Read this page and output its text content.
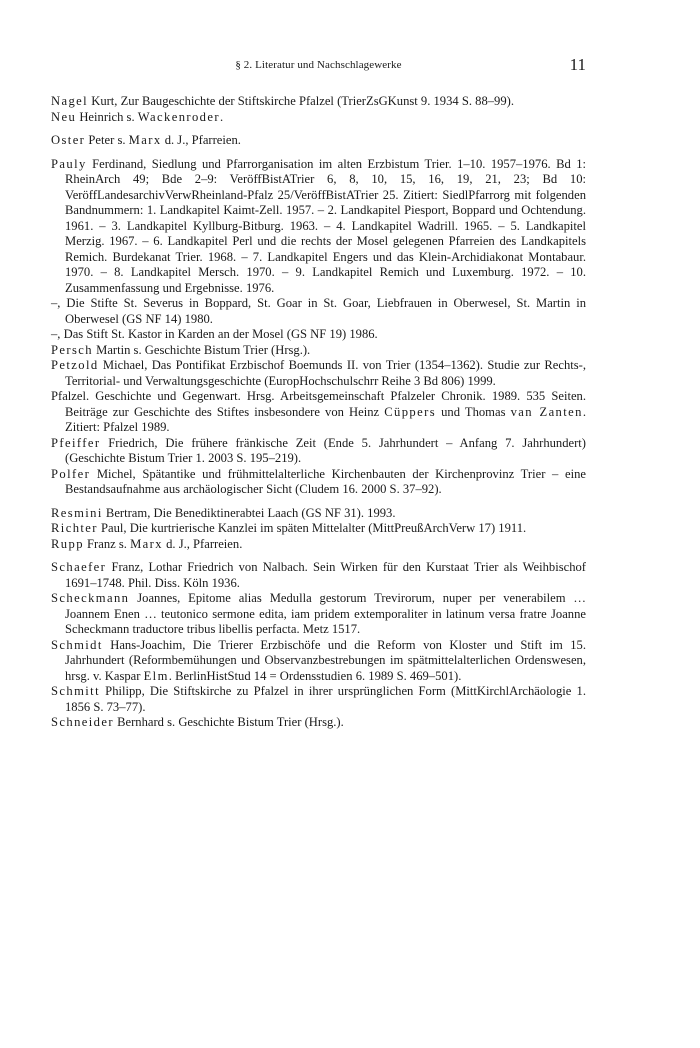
§ 2. Literatur und Nachschlagewerke	11

Nagel Kurt, Zur Baugeschichte der Stiftskirche Pfalzel (TrierZsGKunst 9. 1934 S. 88–99).

Neu Heinrich s. Wackenroder.

Oster Peter s. Marx d. J., Pfarreien.

Pauly Ferdinand, Siedlung und Pfarrorganisation im alten Erzbistum Trier. 1–10. 1957–1976. Bd 1: RheinArch 49; Bde 2–9: VeröffBistATrier 6, 8, 10, 15, 16, 19, 21, 23; Bd 10: VeröffLandesarchivVerwRheinland-Pfalz 25/VeröffBistATrier 25. Zitiert: SiedlPfarrorg mit folgenden Bandnummern: 1. Landkapitel Kaimt-Zell. 1957. – 2. Landkapitel Piesport, Boppard und Ochtendung. 1961. – 3. Landkapitel Kyllburg-Bitburg. 1963. – 4. Landkapitel Wadrill. 1965. – 5. Landkapitel Merzig. 1967. – 6. Landkapitel Perl und die rechts der Mosel gelegenen Pfarreien des Landkapitels Remich. Burdekanat Trier. 1968. – 7. Landkapitel Engers und das Klein-Archidiakonat Montabaur. 1970. – 8. Landkapitel Mersch. 1970. – 9. Landkapitel Remich und Luxemburg. 1972. – 10. Zusammenfassung und Ergebnisse. 1976.

–, Die Stifte St. Severus in Boppard, St. Goar in St. Goar, Liebfrauen in Oberwesel, St. Martin in Oberwesel (GS NF 14) 1980.

–, Das Stift St. Kastor in Karden an der Mosel (GS NF 19) 1986.

Persch Martin s. Geschichte Bistum Trier (Hrsg.).

Petzold Michael, Das Pontifikat Erzbischof Boemunds II. von Trier (1354–1362). Studie zur Rechts-, Territorial- und Verwaltungsgeschichte (EuropHochschulschrr Reihe 3 Bd 806) 1999.

Pfalzel. Geschichte und Gegenwart. Hrsg. Arbeitsgemeinschaft Pfalzeler Chronik. 1989. 535 Seiten. Beiträge zur Geschichte des Stiftes insbesondere von Heinz Cüppers und Thomas van Zanten. Zitiert: Pfalzel 1989.

Pfeiffer Friedrich, Die frühere fränkische Zeit (Ende 5. Jahrhundert – Anfang 7. Jahrhundert) (Geschichte Bistum Trier 1. 2003 S. 195–219).

Polfer Michel, Spätantike und frühmittelalterliche Kirchenbauten der Kirchenprovinz Trier – eine Bestandsaufnahme aus archäologischer Sicht (Cludem 16. 2000 S. 37–92).

Resmini Bertram, Die Benediktinerabtei Laach (GS NF 31). 1993.

Richter Paul, Die kurtrierische Kanzlei im späten Mittelalter (MittPreußArchVerw 17) 1911.

Rupp Franz s. Marx d. J., Pfarreien.

Schaefer Franz, Lothar Friedrich von Nalbach. Sein Wirken für den Kurstaat Trier als Weihbischof 1691–1748. Phil. Diss. Köln 1936.

Scheckmann Joannes, Epitome alias Medulla gestorum Trevirorum, nuper per venerabilem … Joannem Enen … teutonico sermone edita, iam pridem extemporaliter in latinum versa fratre Joanne Scheckmann traductore tribus libellis perfacta. Metz 1517.

Schmidt Hans-Joachim, Die Trierer Erzbischöfe und die Reform von Kloster und Stift im 15. Jahrhundert (Reformbemühungen und Observanzbestrebungen im spätmittelalterlichen Ordenswesen, hrsg. v. Kaspar Elm. BerlinHistStud 14 = Ordensstudien 6. 1989 S. 469–501).

Schmitt Philipp, Die Stiftskirche zu Pfalzel in ihrer ursprünglichen Form (MittKirchlArchäologie 1. 1856 S. 73–77).

Schneider Bernhard s. Geschichte Bistum Trier (Hrsg.).
